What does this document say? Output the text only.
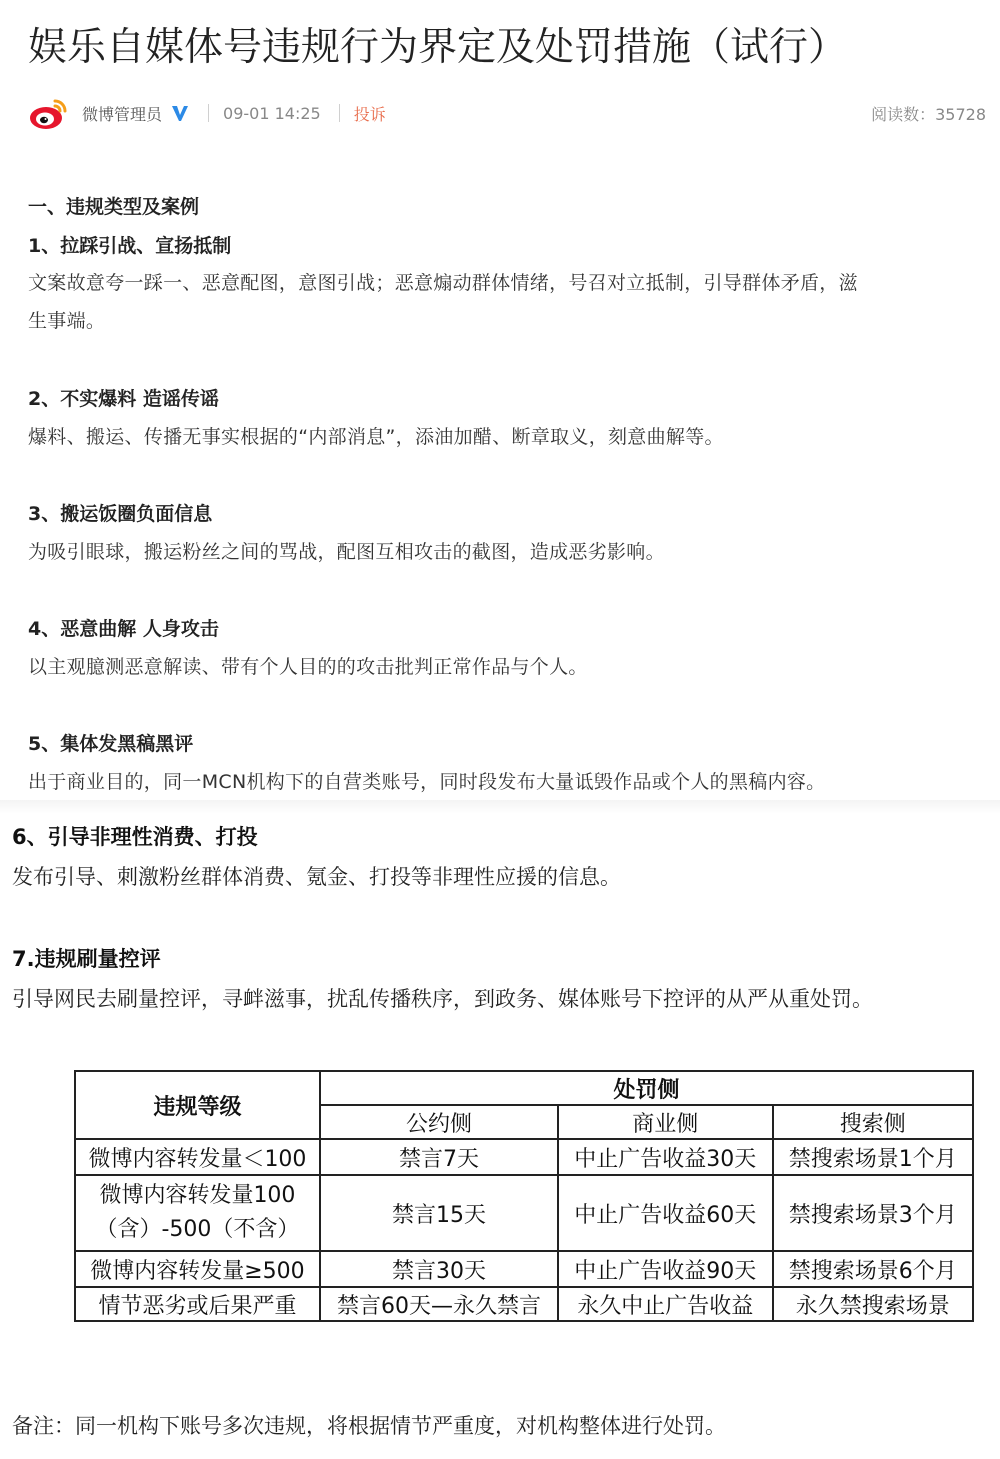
娱乐自媒体号违规行为界定及处罚措施（试行）
微博管理员	09-01 14:25 投诉	阅读数：35728

一、违规类型及案例

1、拉踩引战、宣扬抵制

文案故意夸一踩一、恶意配图，意图引战；恶意煽动群体情绪，号召对立抵制，引导群体矛盾，滋

生事端。

2、不实爆料 造谣传谣

爆料、搬运、传播无事实根据的“内部消息”，添油加醋、断章取义，刻意曲解等。

3、搬运饭圈负面信息

为吸引眼球，搬运粉丝之间的骂战，配图互相攻击的截图，造成恶劣影响。

4、恶意曲解 人身攻击

以主观臆测恶意解读、带有个人目的的攻击批判正常作品与个人。

5、集体发黑稿黑评

出于商业目的，同一MCN机构下的自营类账号，同时段发布大量诋毁作品或个人的黑稿内容。

6、引导非理性消费、打投

发布引导、刺激粉丝群体消费、氪金、打投等非理性应援的信息。

7.违规刷量控评

引导网民去刷量控评，寻衅滋事，扰乱传播秩序，到政务、媒体账号下控评的从严从重处罚。

违规等级	处罚侧		
	公约侧	商业侧	搜索侧
微博内容转发量＜100	禁言7天	中止广告收益30天	禁搜索场景1个月

微博内容转发量100
（含）-500（不含）	禁言15天	中止广告收益60天	禁搜索场景3个月
微博内容转发量≥500	禁言30天	中止广告收益90天	禁搜索场景6个月
情节恶劣或后果严重	禁言60天—永久禁言	永久中止广告收益	永久禁搜索场景

备注：同一机构下账号多次违规，将根据情节严重度，对机构整体进行处罚。
